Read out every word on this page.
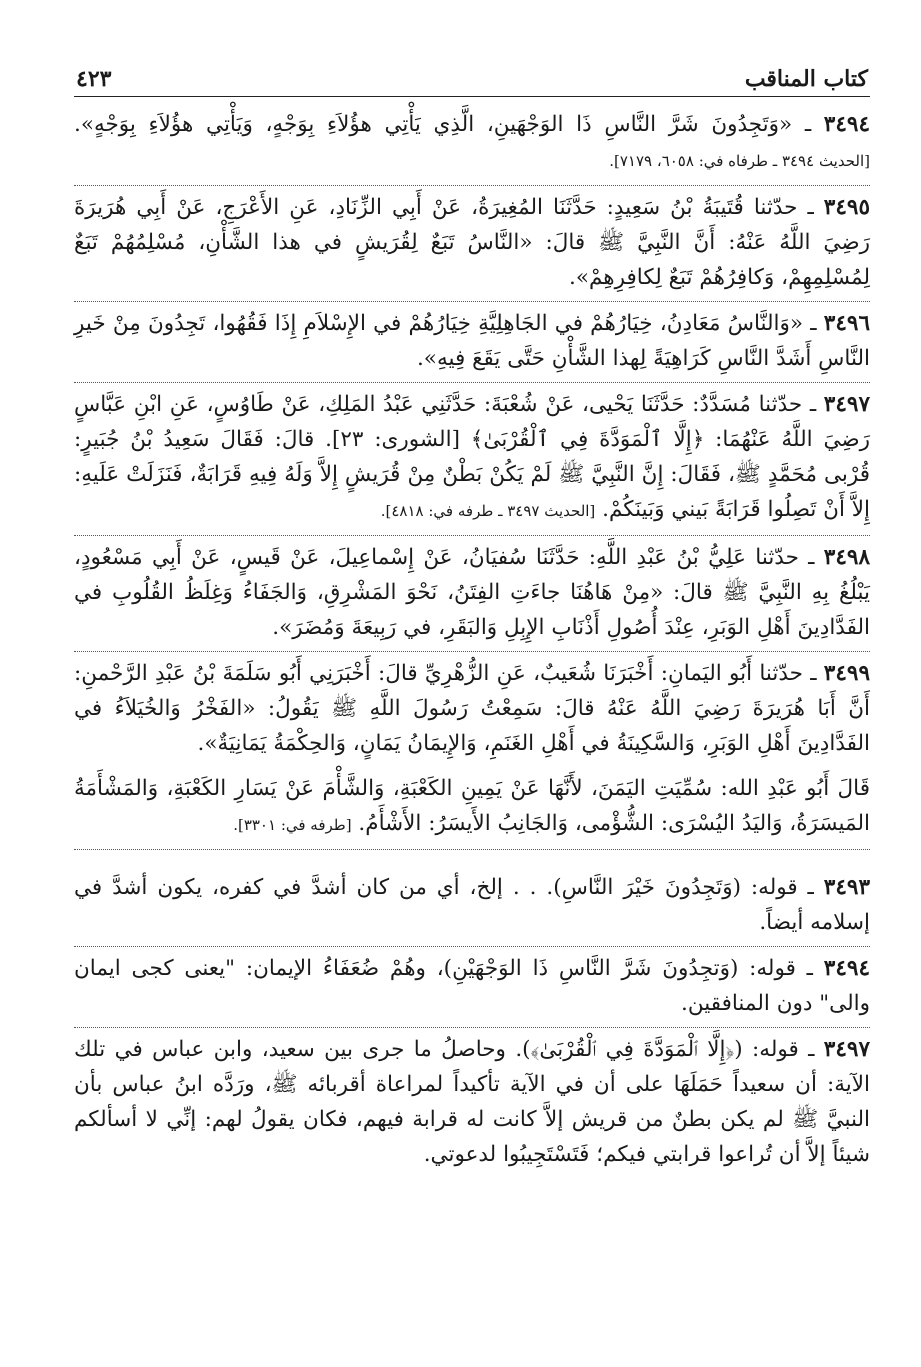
كتاب المناقب
٤٢٣

٣٤٩٤ ـ «وَتَجِدُونَ شَرَّ النَّاسِ ذَا الوَجْهَينِ، الَّذِي يَأْتِي هؤُلاَءِ بِوَجْهٍ، وَيَأْتِي هؤُلاَءِ بِوَجْهٍ». [الحديث ٣٤٩٤ ـ طرفاه في: ٦٠٥٨، ٧١٧٩].

٣٤٩٥ ـ حدّثنا قُتَيبَةُ بْنُ سَعِيدٍ: حَدَّثَنَا المُغِيرَةُ، عَنْ أَبِي الزِّنَادِ، عَنِ الأَعْرَجِ، عَنْ أَبِي هُرَيرَةَ رَضِيَ اللَّهُ عَنْهُ: أَنَّ النَّبِيَّ ﷺ قالَ: «النَّاسُ تَبَعٌ لِقُرَيشٍ في هذا الشَّأْنِ، مُسْلِمُهُمْ تَبَعٌ لِمُسْلِمِهِمْ، وَكافِرُهُمْ تَبَعٌ لِكافِرِهِمْ».

٣٤٩٦ ـ «وَالنَّاسُ مَعَادِنُ، خِيَارُهُمْ في الجَاهِلِيَّةِ خِيَارُهُمْ في الإِسْلاَمِ إِذَا فَقُهُوا، تَجِدُونَ مِنْ خَيرِ النَّاسِ أَشَدَّ النَّاسِ كَرَاهِيَةً لِهذا الشَّأْنِ حَتَّى يَقَعَ فِيهِ».

٣٤٩٧ ـ حدّثنا مُسَدَّدٌ: حَدَّثَنَا يَحْيى، عَنْ شُعْبَةَ: حَدَّثَنِي عَبْدُ المَلِكِ، عَنْ طَاوُسٍ، عَنِ ابْنِ عَبَّاسٍ رَضِيَ اللَّهُ عَنْهُمَا: ﴿إِلَّا ٱلْمَوَدَّةَ فِي ٱلْقُرْبَىٰ﴾ [الشورى: ٢٣]. قالَ: فَقَالَ سَعِيدُ بْنُ جُبَيرٍ: قُرْبى مُحَمَّدٍ ﷺ، فَقَالَ: إِنَّ النَّبِيَّ ﷺ لَمْ يَكُنْ بَطْنٌ مِنْ قُرَيشٍ إِلاَّ وَلَهُ فِيهِ قَرَابَةٌ، فَنَزَلَتْ عَلَيهِ: إِلاَّ أَنْ تَصِلُوا قَرَابَةً بَيني وَبَينَكُمْ. [الحديث ٣٤٩٧ ـ طرفه في: ٤٨١٨].

٣٤٩٨ ـ حدّثنا عَلِيُّ بْنُ عَبْدِ اللَّهِ: حَدَّثَنَا سُفيَانُ، عَنْ إِسْماعِيلَ، عَنْ قَيسٍ، عَنْ أَبِي مَسْعُودٍ، يَبْلُغُ بِهِ النَّبِيَّ ﷺ قالَ: «مِنْ هَاهُنَا جاءَتِ الفِتَنُ، نَحْوَ المَشْرِقِ، وَالجَفَاءُ وَغِلَظُ القُلُوبِ في الفَدَّادِينَ أَهْلِ الوَبَرِ، عِنْدَ أُصُولِ أَذْنَابِ الإِبِلِ وَالبَقَرِ، في رَبِيعَةَ وَمُضَرَ».

٣٤٩٩ ـ حدّثنا أَبُو اليَمانِ: أَخْبَرَنَا شُعَيبٌ، عَنِ الزُّهْرِيِّ قالَ: أَخْبَرَنِي أَبُو سَلَمَةَ بْنُ عَبْدِ الرَّحْمنِ: أَنَّ أَبَا هُرَيرَةَ رَضِيَ اللَّهُ عَنْهُ قالَ: سَمِعْتُ رَسُولَ اللَّهِ ﷺ يَقُولُ: «الفَخْرُ وَالخُيَلاَءُ في الفَدَّادِينَ أَهْلِ الوَبَرِ، وَالسَّكِينَةُ في أَهْلِ الغَنَمِ، وَالإِيمَانُ يَمَانٍ، وَالحِكْمَةُ يَمَانِيَةٌ».

قَالَ أَبُو عَبْدِ الله: سُمِّيَتِ اليَمَنَ، لأَنَّهَا عَنْ يَمِينِ الكَعْبَةِ، وَالشَّأْمَ عَنْ يَسَارِ الكَعْبَةِ، وَالمَشْأَمَةُ المَيسَرَةُ، وَاليَدُ اليُسْرَى: الشُّؤْمى، وَالجَانِبُ الأَيسَرُ: الأَشْأَمُ. [طرفه في: ٣٣٠١].

٣٤٩٣ ـ قوله: (وَتَجِدُونَ خَيْرَ النَّاسِ). . . إلخ، أي من كان أشدَّ في كفره، يكون أشدَّ في إسلامه أيضاً.

٣٤٩٤ ـ قوله: (وَتجِدُونَ شَرَّ النَّاسِ ذَا الوَجْهَيْنِ)، وهُمْ ضُعَفَاءُ الإيمان: "يعنى كجى ايمان والى" دون المنافقين.

٣٤٩٧ ـ قوله: (﴿إِلَّا ٱلْمَوَدَّةَ فِي ٱلْقُرْبَىٰ﴾). وحاصلُ ما جرى بين سعيد، وابن عباس في تلك الآية: أن سعيداً حَمَلَهَا على أن في الآية تأكيداً لمراعاة أقربائه ﷺ، ورَدَّه ابنُ عباس بأن النبيَّ ﷺ لم يكن بطنٌ من قريش إلاَّ كانت له قرابة فيهم، فكان يقولُ لهم: إنِّي لا أسألكم شيئاً إلاَّ أن تُراعوا قرابتي فيكم؛ فَتَسْتَجِيبُوا لدعوتي.
